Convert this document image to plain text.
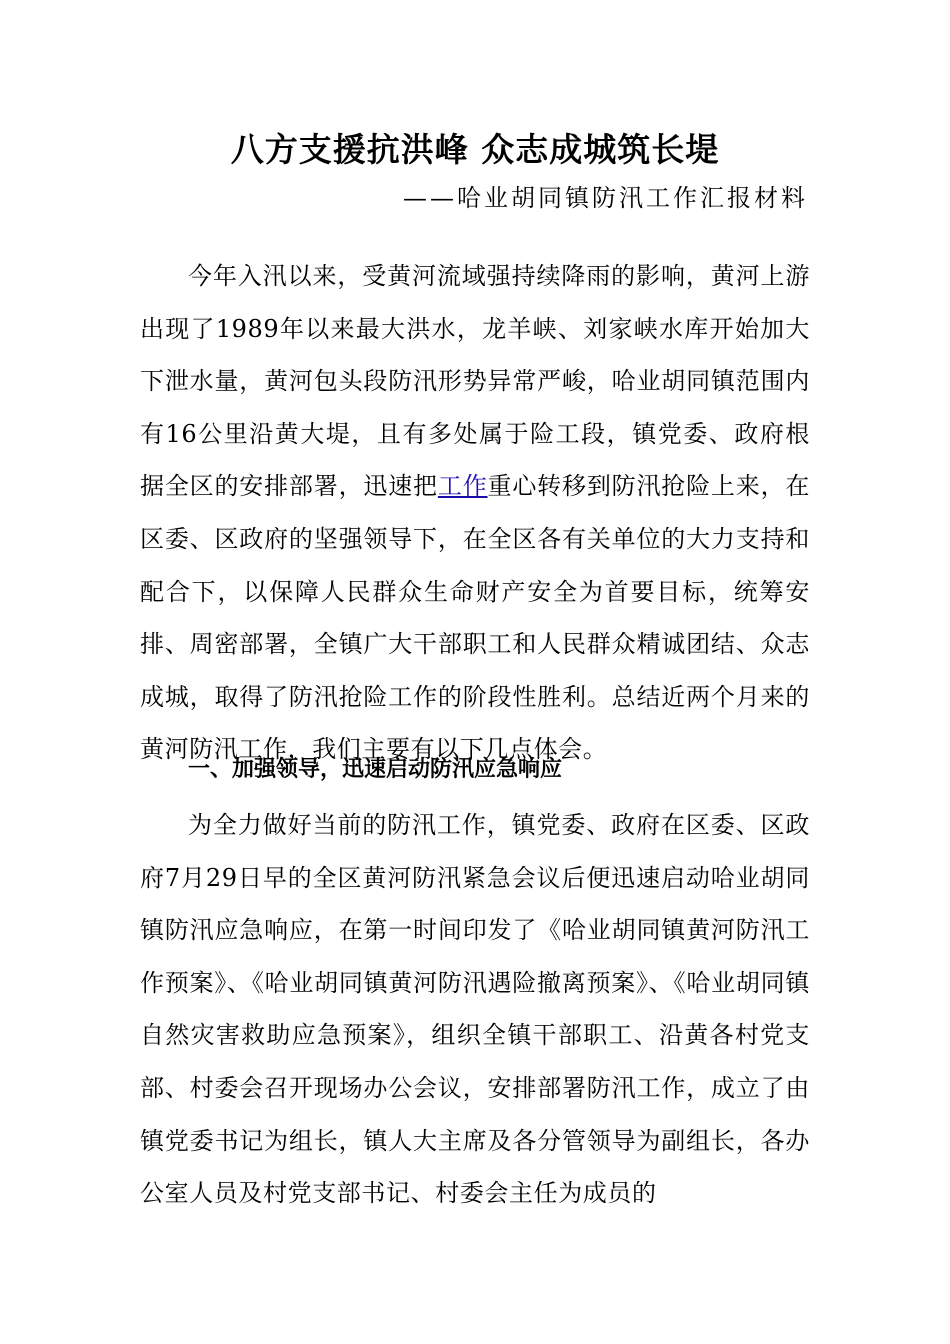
八方支援抗洪峰 众志成城筑长堤
——哈业胡同镇防汛工作汇报材料

今年入汛以来，受黄河流域强持续降雨的影响，黄河上游出现了1989年以来最大洪水，龙羊峡、刘家峡水库开始加大下泄水量，黄河包头段防汛形势异常严峻，哈业胡同镇范围内有16公里沿黄大堤，且有多处属于险工段，镇党委、政府根据全区的安排部署，迅速把工作重心转移到防汛抢险上来，在区委、区政府的坚强领导下，在全区各有关单位的大力支持和配合下，以保障人民群众生命财产安全为首要目标，统筹安排、周密部署，全镇广大干部职工和人民群众精诚团结、众志成城，取得了防汛抢险工作的阶段性胜利。总结近两个月来的黄河防汛工作，我们主要有以下几点体会。

一、加强领导，迅速启动防汛应急响应

为全力做好当前的防汛工作，镇党委、政府在区委、区政府7月29日早的全区黄河防汛紧急会议后便迅速启动哈业胡同镇防汛应急响应，在第一时间印发了《哈业胡同镇黄河防汛工作预案》、《哈业胡同镇黄河防汛遇险撤离预案》、《哈业胡同镇自然灾害救助应急预案》，组织全镇干部职工、沿黄各村党支部、村委会召开现场办公会议，安排部署防汛工作，成立了由镇党委书记为组长，镇人大主席及各分管领导为副组长，各办公室人员及村党支部书记、村委会主任为成员的
